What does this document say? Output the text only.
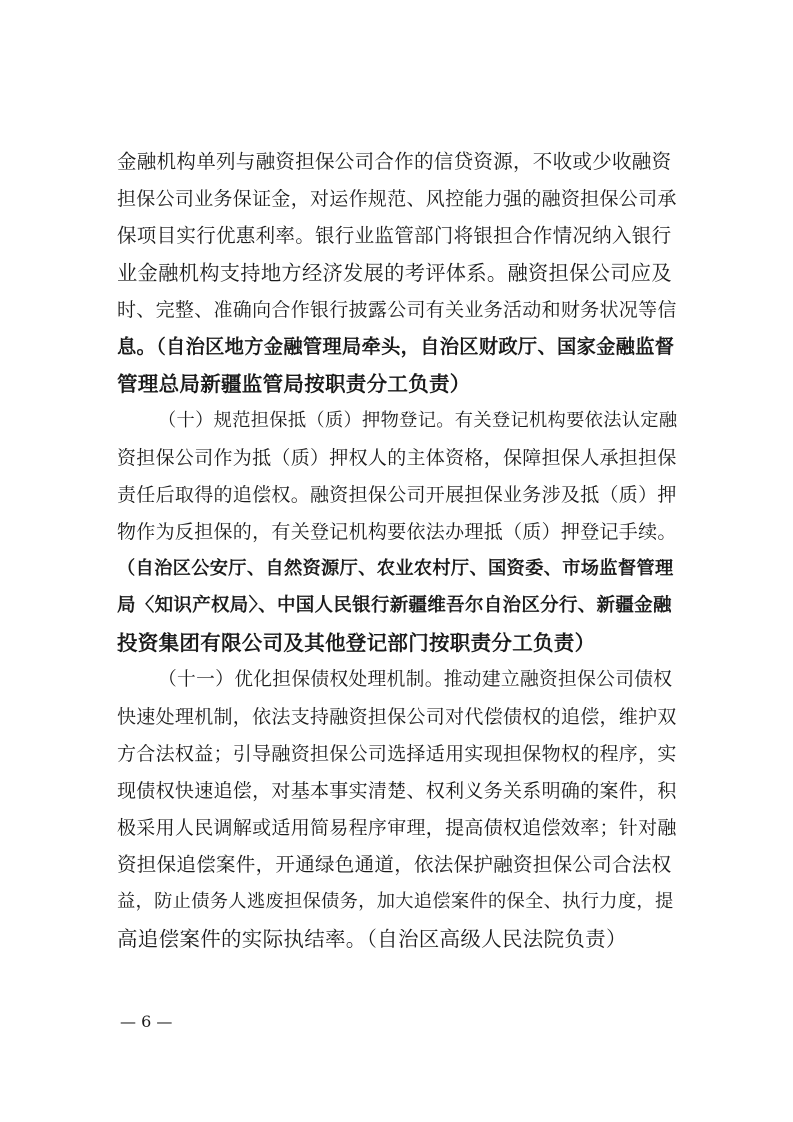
金融机构单列与融资担保公司合作的信贷资源，不收或少收融资
担保公司业务保证金，对运作规范、风控能力强的融资担保公司承
保项目实行优惠利率。银行业监管部门将银担合作情况纳入银行
业金融机构支持地方经济发展的考评体系。融资担保公司应及
时、完整、准确向合作银行披露公司有关业务活动和财务状况等信
息。（自治区地方金融管理局牵头，自治区财政厅、国家金融监督
管理总局新疆监管局按职责分工负责）
（十）规范担保抵（质）押物登记。有关登记机构要依法认定融
资担保公司作为抵（质）押权人的主体资格，保障担保人承担担保
责任后取得的追偿权。融资担保公司开展担保业务涉及抵（质）押
物作为反担保的，有关登记机构要依法办理抵（质）押登记手续。
（自治区公安厅、自然资源厅、农业农村厅、国资委、市场监督管理
局〈知识产权局〉、中国人民银行新疆维吾尔自治区分行、新疆金融
投资集团有限公司及其他登记部门按职责分工负责）
（十一）优化担保债权处理机制。推动建立融资担保公司债权
快速处理机制，依法支持融资担保公司对代偿债权的追偿，维护双
方合法权益；引导融资担保公司选择适用实现担保物权的程序，实
现债权快速追偿，对基本事实清楚、权利义务关系明确的案件，积
极采用人民调解或适用简易程序审理，提高债权追偿效率；针对融
资担保追偿案件，开通绿色通道，依法保护融资担保公司合法权
益，防止债务人逃废担保债务，加大追偿案件的保全、执行力度，提
高追偿案件的实际执结率。（自治区高级人民法院负责）
— 6 —
